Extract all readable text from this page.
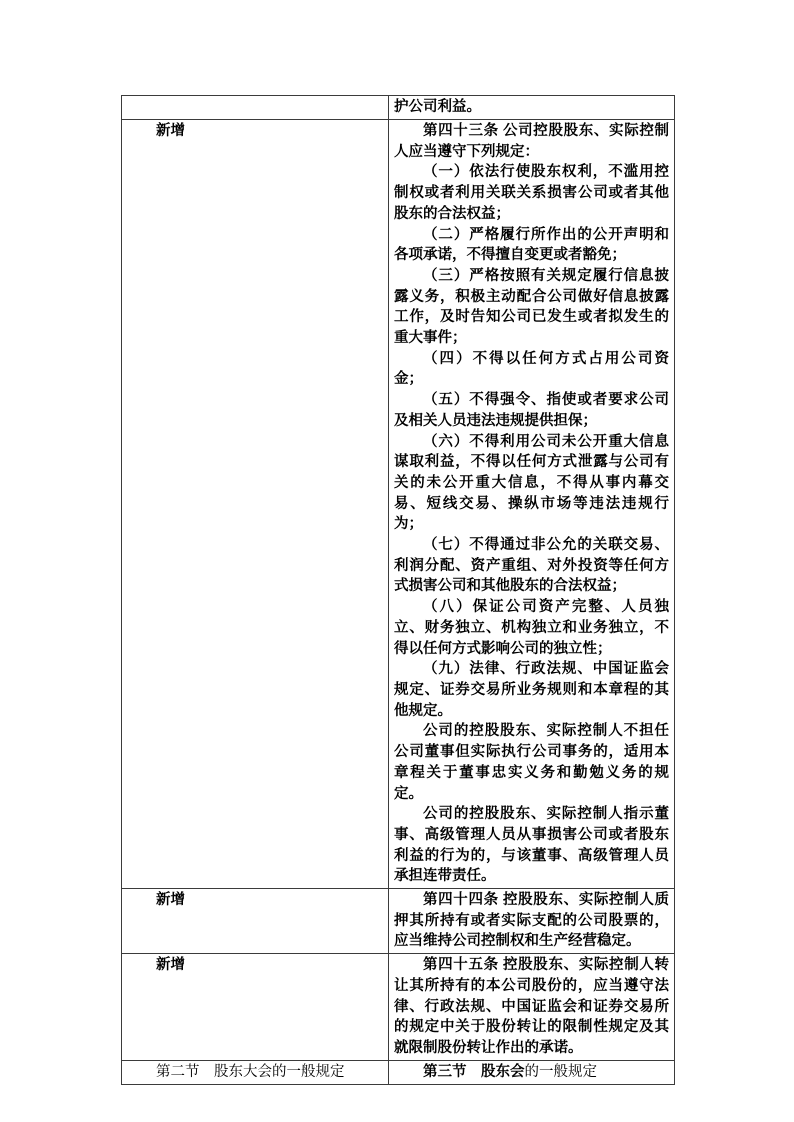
	护公司利益。

新增	第四十三条 公司控股股东、实际控制人应当遵守下列规定：

（一）依法行使股东权利，不滥用控制权或者利用关联关系损害公司或者其他股东的合法权益；

（二）严格履行所作出的公开声明和各项承诺，不得擅自变更或者豁免；

（三）严格按照有关规定履行信息披露义务，积极主动配合公司做好信息披露工作，及时告知公司已发生或者拟发生的重大事件；

（四）不得以任何方式占用公司资金；

（五）不得强令、指使或者要求公司及相关人员违法违规提供担保；

（六）不得利用公司未公开重大信息谋取利益，不得以任何方式泄露与公司有关的未公开重大信息，不得从事内幕交易、短线交易、操纵市场等违法违规行为；

（七）不得通过非公允的关联交易、利润分配、资产重组、对外投资等任何方式损害公司和其他股东的合法权益；

（八）保证公司资产完整、人员独立、财务独立、机构独立和业务独立，不得以任何方式影响公司的独立性；

（九）法律、行政法规、中国证监会规定、证券交易所业务规则和本章程的其他规定。

公司的控股股东、实际控制人不担任公司董事但实际执行公司事务的，适用本章程关于董事忠实义务和勤勉义务的规定。

公司的控股股东、实际控制人指示董事、高级管理人员从事损害公司或者股东利益的行为的，与该董事、高级管理人员承担连带责任。

新增	第四十四条 控股股东、实际控制人质押其所持有或者实际支配的公司股票的，应当维持公司控制权和生产经营稳定。

新增	第四十五条 控股股东、实际控制人转让其所持有的本公司股份的，应当遵守法律、行政法规、中国证监会和证券交易所的规定中关于股份转让的限制性规定及其就限制股份转让作出的承诺。

第二节　股东大会的一般规定	第三节　股东会的一般规定
